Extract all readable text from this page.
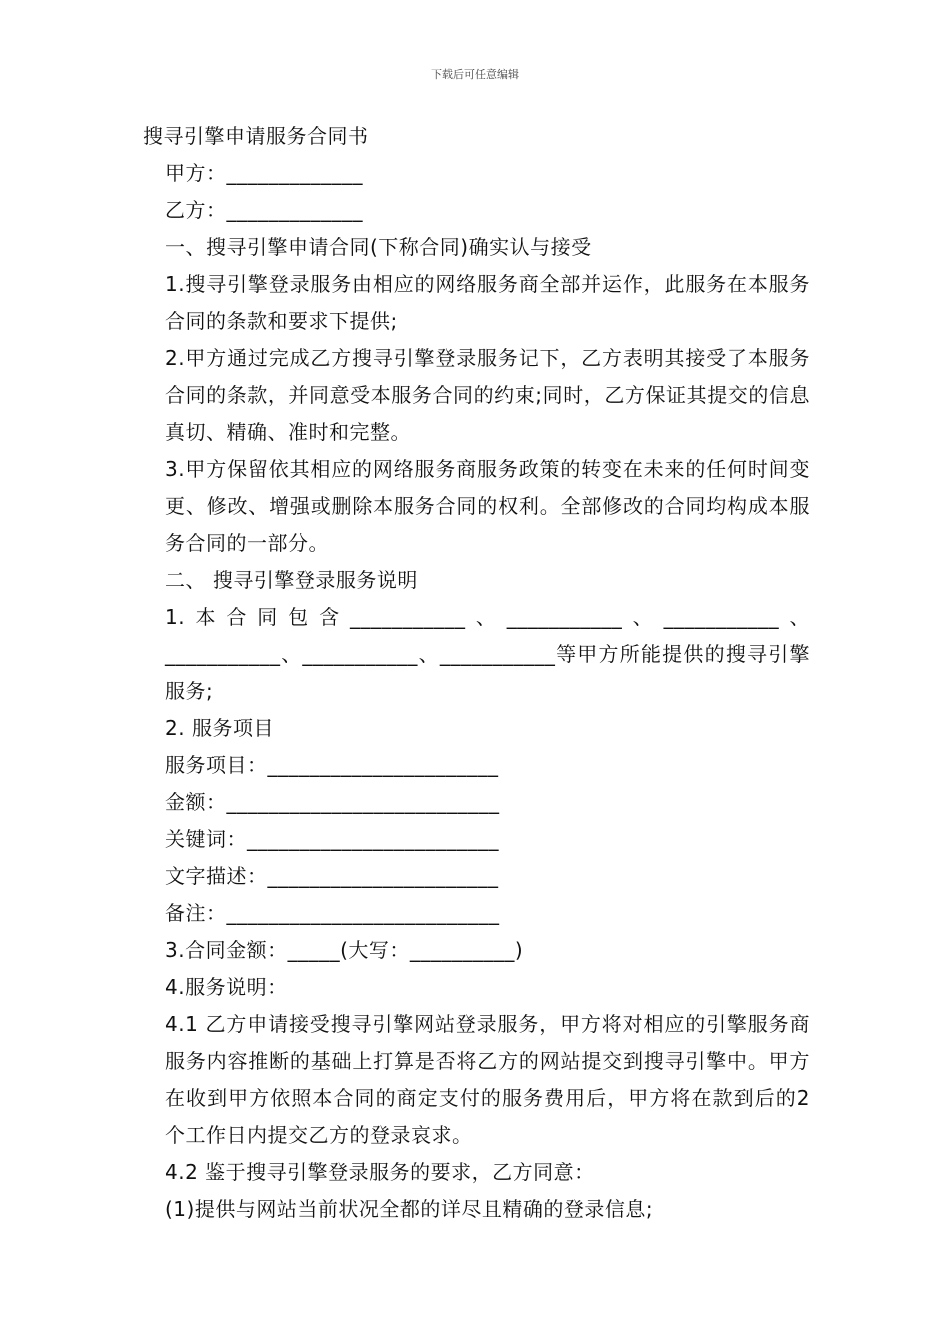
下载后可任意编辑
搜寻引擎申请服务合同书
甲方：_____________
乙方：_____________
一、搜寻引擎申请合同(下称合同)确实认与接受

1.搜寻引擎登录服务由相应的网络服务商全部并运作，此服务在本服务合同的条款和要求下提供;

2.甲方通过完成乙方搜寻引擎登录服务记下，乙方表明其接受了本服务合同的条款，并同意受本服务合同的约束;同时，乙方保证其提交的信息真切、精确、准时和完整。

3.甲方保留依其相应的网络服务商服务政策的转变在未来的任何时间变更、修改、增强或删除本服务合同的权利。全部修改的合同均构成本服务合同的一部分。

二、 搜寻引擎登录服务说明

1.本合同包含___________、___________、___________、___________、___________、___________等甲方所能提供的搜寻引擎服务;

2. 服务项目
服务项目：______________________
金额：__________________________
关键词：________________________
文字描述：______________________
备注：__________________________
3.合同金额：_____(大写：__________)
4.服务说明：

4.1 乙方申请接受搜寻引擎网站登录服务，甲方将对相应的引擎服务商服务内容推断的基础上打算是否将乙方的网站提交到搜寻引擎中。甲方在收到甲方依照本合同的商定支付的服务费用后，甲方将在款到后的2个工作日内提交乙方的登录哀求。

4.2 鉴于搜寻引擎登录服务的要求，乙方同意：
(1)提供与网站当前状况全都的详尽且精确的登录信息;
